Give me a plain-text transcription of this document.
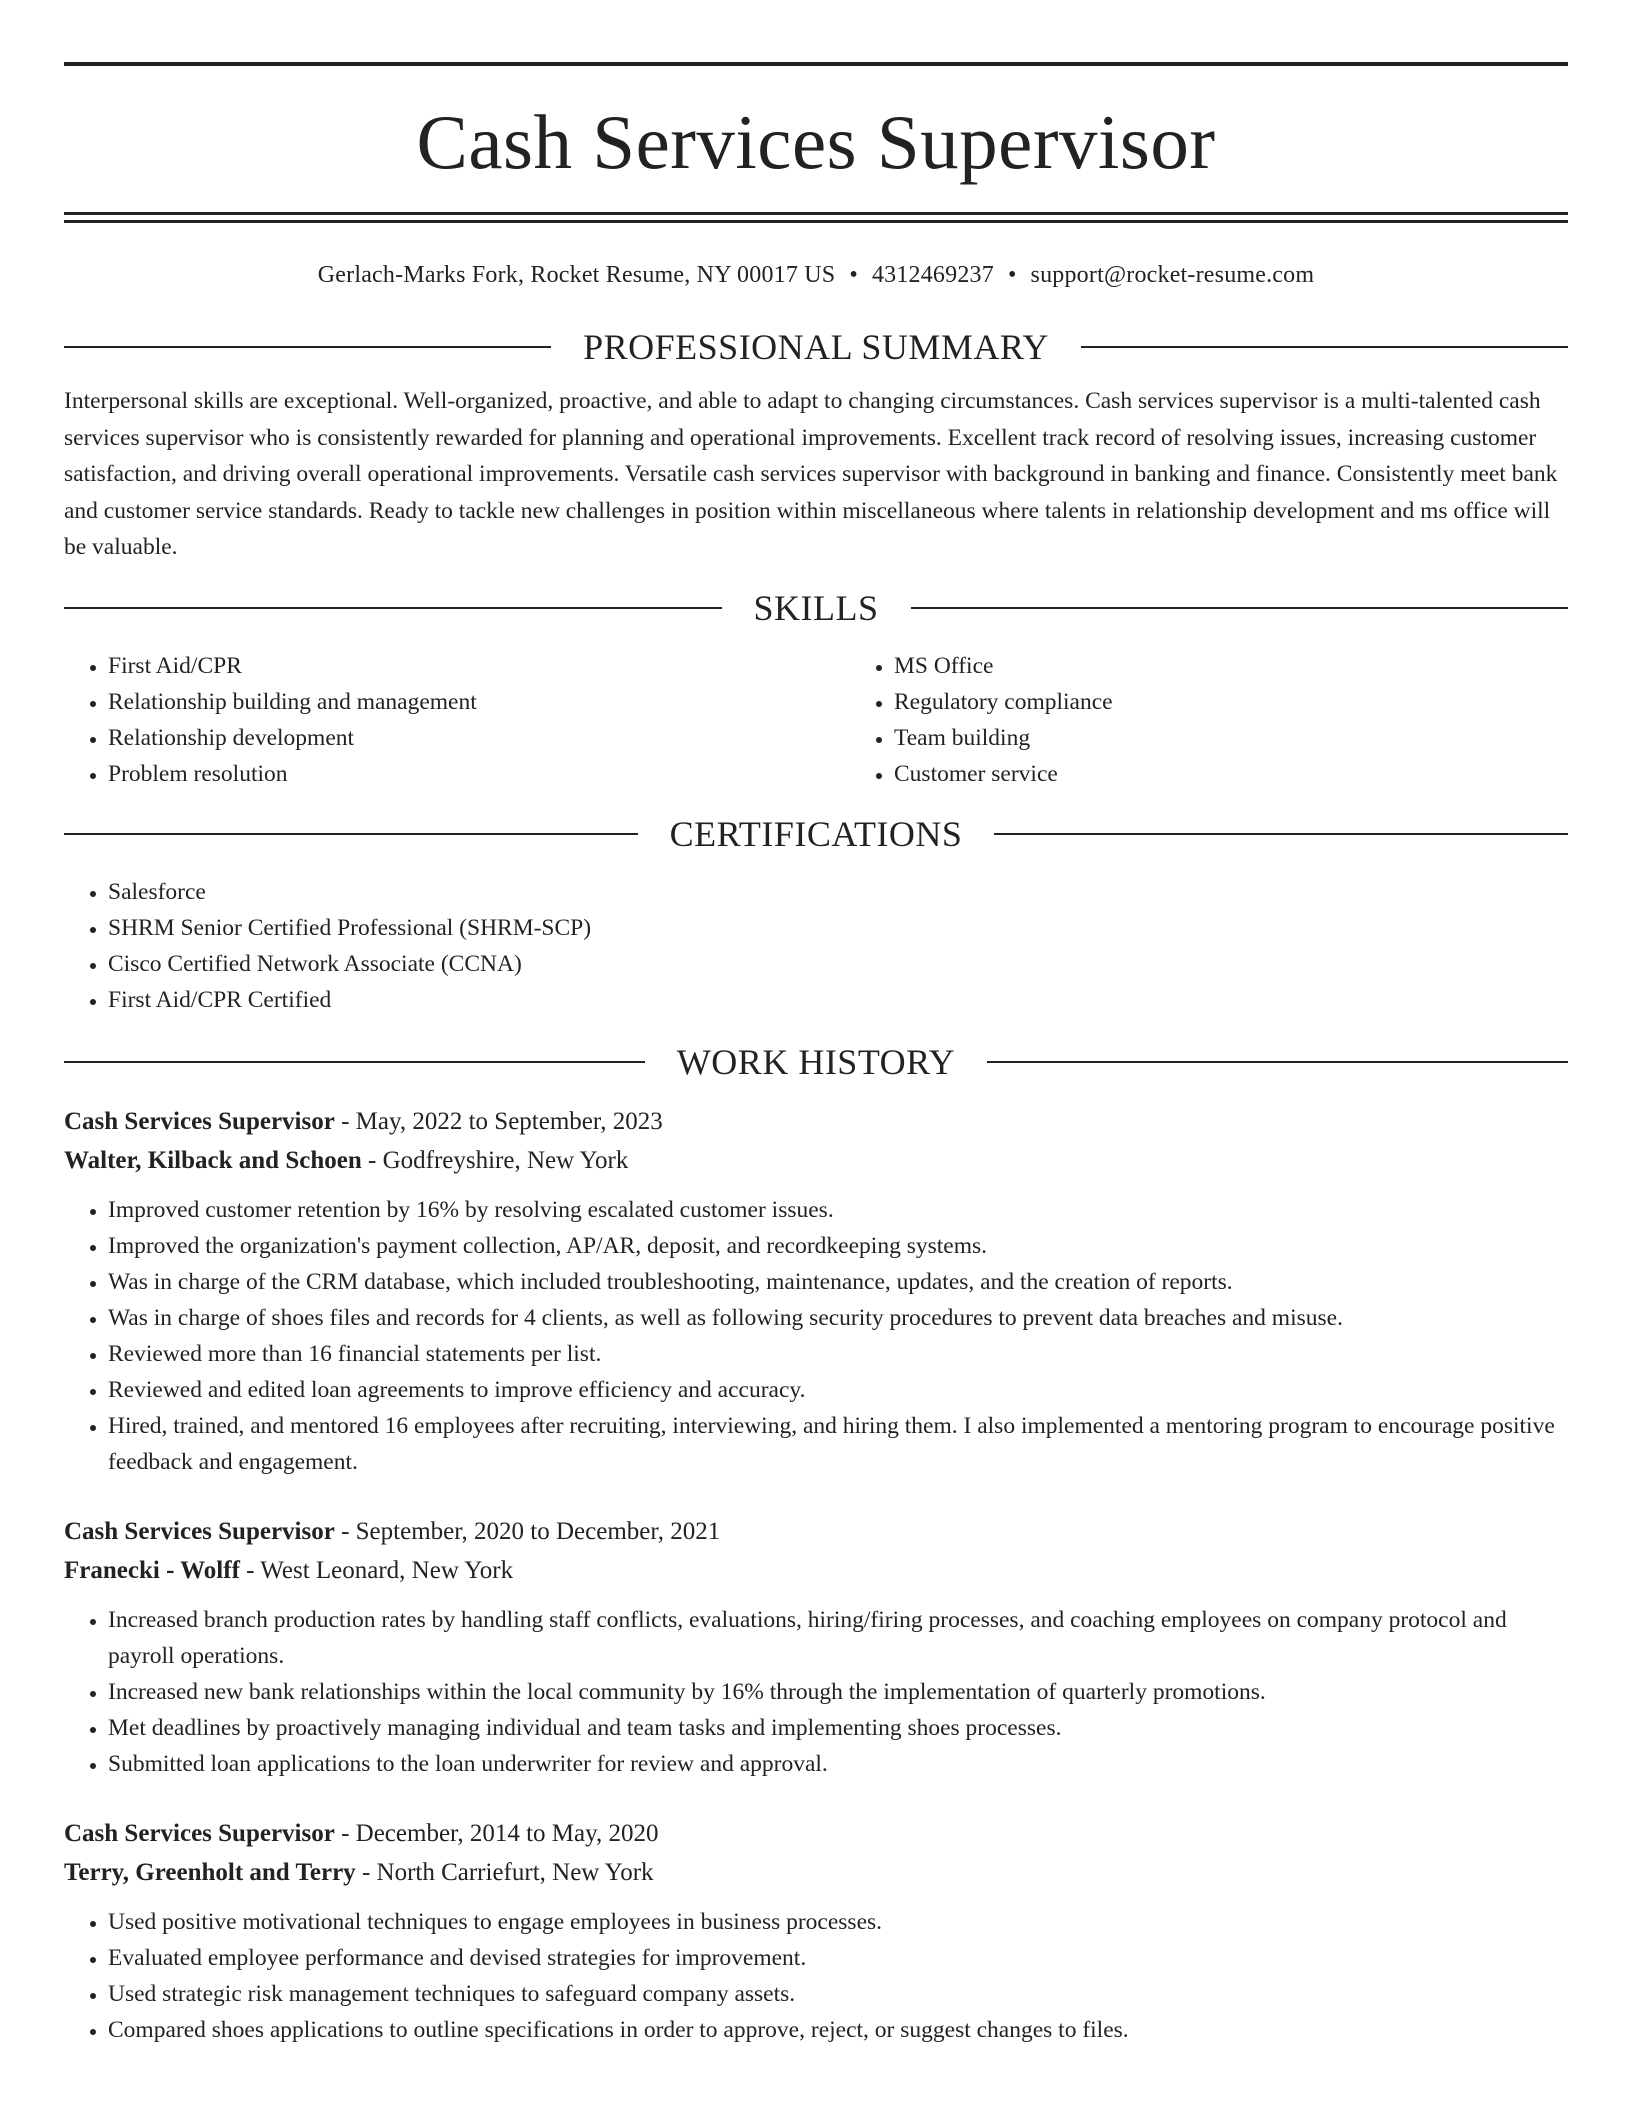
Cash Services Supervisor
Gerlach-Marks Fork, Rocket Resume, NY 00017 US • 4312469237 • support@rocket-resume.com
PROFESSIONAL SUMMARY
Interpersonal skills are exceptional. Well-organized, proactive, and able to adapt to changing circumstances. Cash services supervisor is a multi-talented cash services supervisor who is consistently rewarded for planning and operational improvements. Excellent track record of resolving issues, increasing customer satisfaction, and driving overall operational improvements. Versatile cash services supervisor with background in banking and finance. Consistently meet bank and customer service standards. Ready to tackle new challenges in position within miscellaneous where talents in relationship development and ms office will be valuable.
SKILLS
• First Aid/CPR
• Relationship building and management
• Relationship development
• Problem resolution
• MS Office
• Regulatory compliance
• Team building
• Customer service
CERTIFICATIONS
• Salesforce
• SHRM Senior Certified Professional (SHRM-SCP)
• Cisco Certified Network Associate (CCNA)
• First Aid/CPR Certified
WORK HISTORY
Cash Services Supervisor - May, 2022 to September, 2023
Walter, Kilback and Schoen - Godfreyshire, New York
• Improved customer retention by 16% by resolving escalated customer issues.
• Improved the organization's payment collection, AP/AR, deposit, and recordkeeping systems.
• Was in charge of the CRM database, which included troubleshooting, maintenance, updates, and the creation of reports.
• Was in charge of shoes files and records for 4 clients, as well as following security procedures to prevent data breaches and misuse.
• Reviewed more than 16 financial statements per list.
• Reviewed and edited loan agreements to improve efficiency and accuracy.
• Hired, trained, and mentored 16 employees after recruiting, interviewing, and hiring them. I also implemented a mentoring program to encourage positive feedback and engagement.
Cash Services Supervisor - September, 2020 to December, 2021
Franecki - Wolff - West Leonard, New York
• Increased branch production rates by handling staff conflicts, evaluations, hiring/firing processes, and coaching employees on company protocol and payroll operations.
• Increased new bank relationships within the local community by 16% through the implementation of quarterly promotions.
• Met deadlines by proactively managing individual and team tasks and implementing shoes processes.
• Submitted loan applications to the loan underwriter for review and approval.
Cash Services Supervisor - December, 2014 to May, 2020
Terry, Greenholt and Terry - North Carriefurt, New York
• Used positive motivational techniques to engage employees in business processes.
• Evaluated employee performance and devised strategies for improvement.
• Used strategic risk management techniques to safeguard company assets.
• Compared shoes applications to outline specifications in order to approve, reject, or suggest changes to files.
